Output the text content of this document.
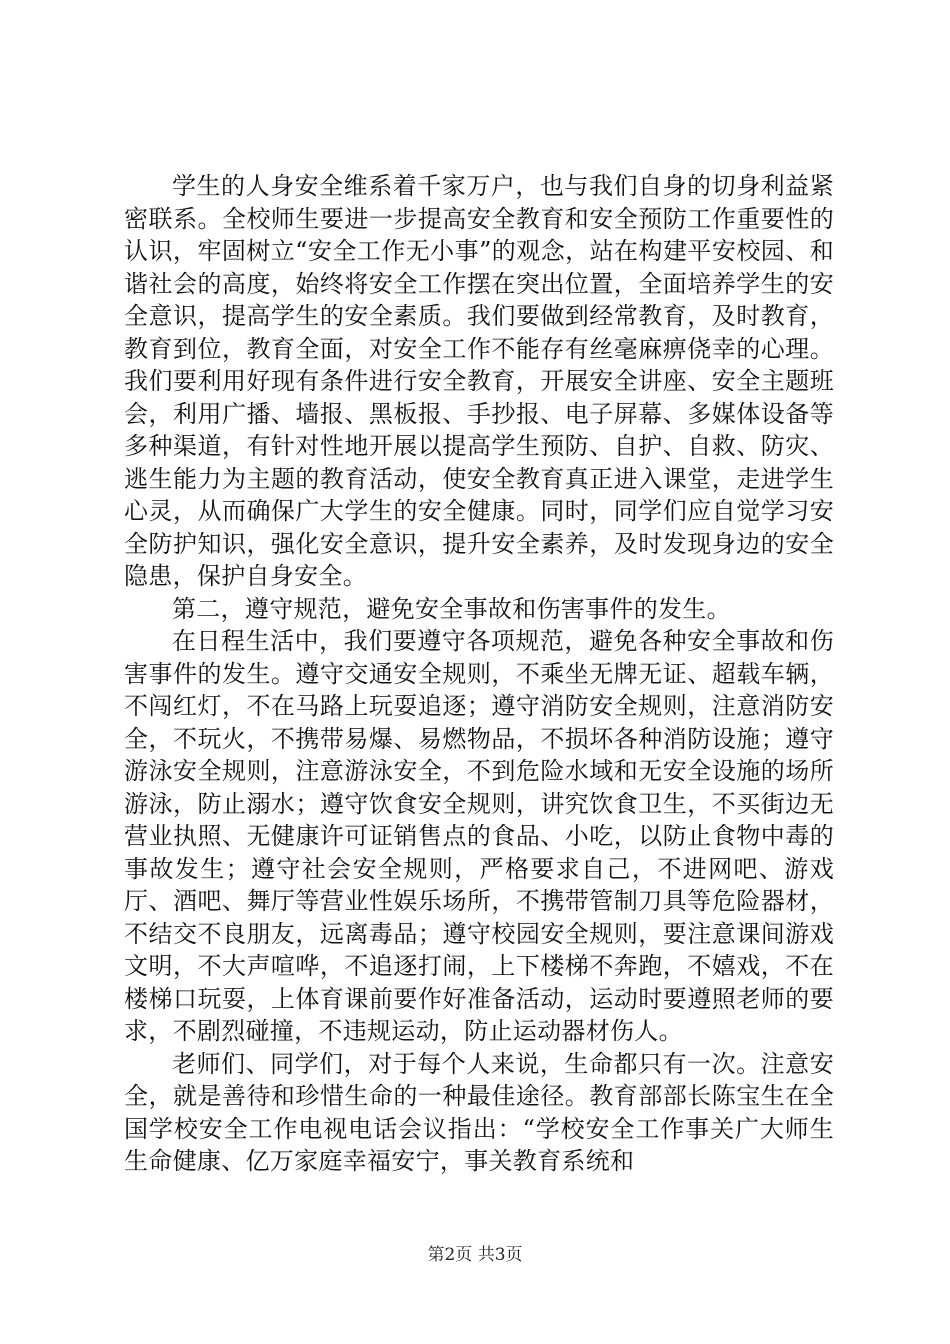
学生的人身安全维系着千家万户，也与我们自身的切身利益紧密联系。全校师生要进一步提高安全教育和安全预防工作重要性的认识，牢固树立“安全工作无小事”的观念，站在构建平安校园、和谐社会的高度，始终将安全工作摆在突出位置，全面培养学生的安全意识，提高学生的安全素质。我们要做到经常教育，及时教育，教育到位，教育全面，对安全工作不能存有丝毫麻痹侥幸的心理。我们要利用好现有条件进行安全教育，开展安全讲座、安全主题班会，利用广播、墙报、黑板报、手抄报、电子屏幕、多媒体设备等多种渠道，有针对性地开展以提高学生预防、自护、自救、防灾、逃生能力为主题的教育活动，使安全教育真正进入课堂，走进学生心灵，从而确保广大学生的安全健康。同时，同学们应自觉学习安全防护知识，强化安全意识，提升安全素养，及时发现身边的安全隐患，保护自身安全。

第二，遵守规范，避免安全事故和伤害事件的发生。

在日程生活中，我们要遵守各项规范，避免各种安全事故和伤害事件的发生。遵守交通安全规则，不乘坐无牌无证、超载车辆，不闯红灯，不在马路上玩耍追逐；遵守消防安全规则，注意消防安全，不玩火，不携带易爆、易燃物品，不损坏各种消防设施；遵守游泳安全规则，注意游泳安全，不到危险水域和无安全设施的场所游泳，防止溺水；遵守饮食安全规则，讲究饮食卫生，不买街边无营业执照、无健康许可证销售点的食品、小吃，以防止食物中毒的事故发生；遵守社会安全规则，严格要求自己，不进网吧、游戏厅、酒吧、舞厅等营业性娱乐场所，不携带管制刀具等危险器材，不结交不良朋友，远离毒品；遵守校园安全规则，要注意课间游戏文明，不大声喧哗，不追逐打闹，上下楼梯不奔跑，不嬉戏，不在楼梯口玩耍，上体育课前要作好准备活动，运动时要遵照老师的要求，不剧烈碰撞，不违规运动，防止运动器材伤人。

老师们、同学们，对于每个人来说，生命都只有一次。注意安全，就是善待和珍惜生命的一种最佳途径。教育部部长陈宝生在全国学校安全工作电视电话会议指出：“学校安全工作事关广大师生生命健康、亿万家庭幸福安宁，事关教育系统和

第2页 共3页
